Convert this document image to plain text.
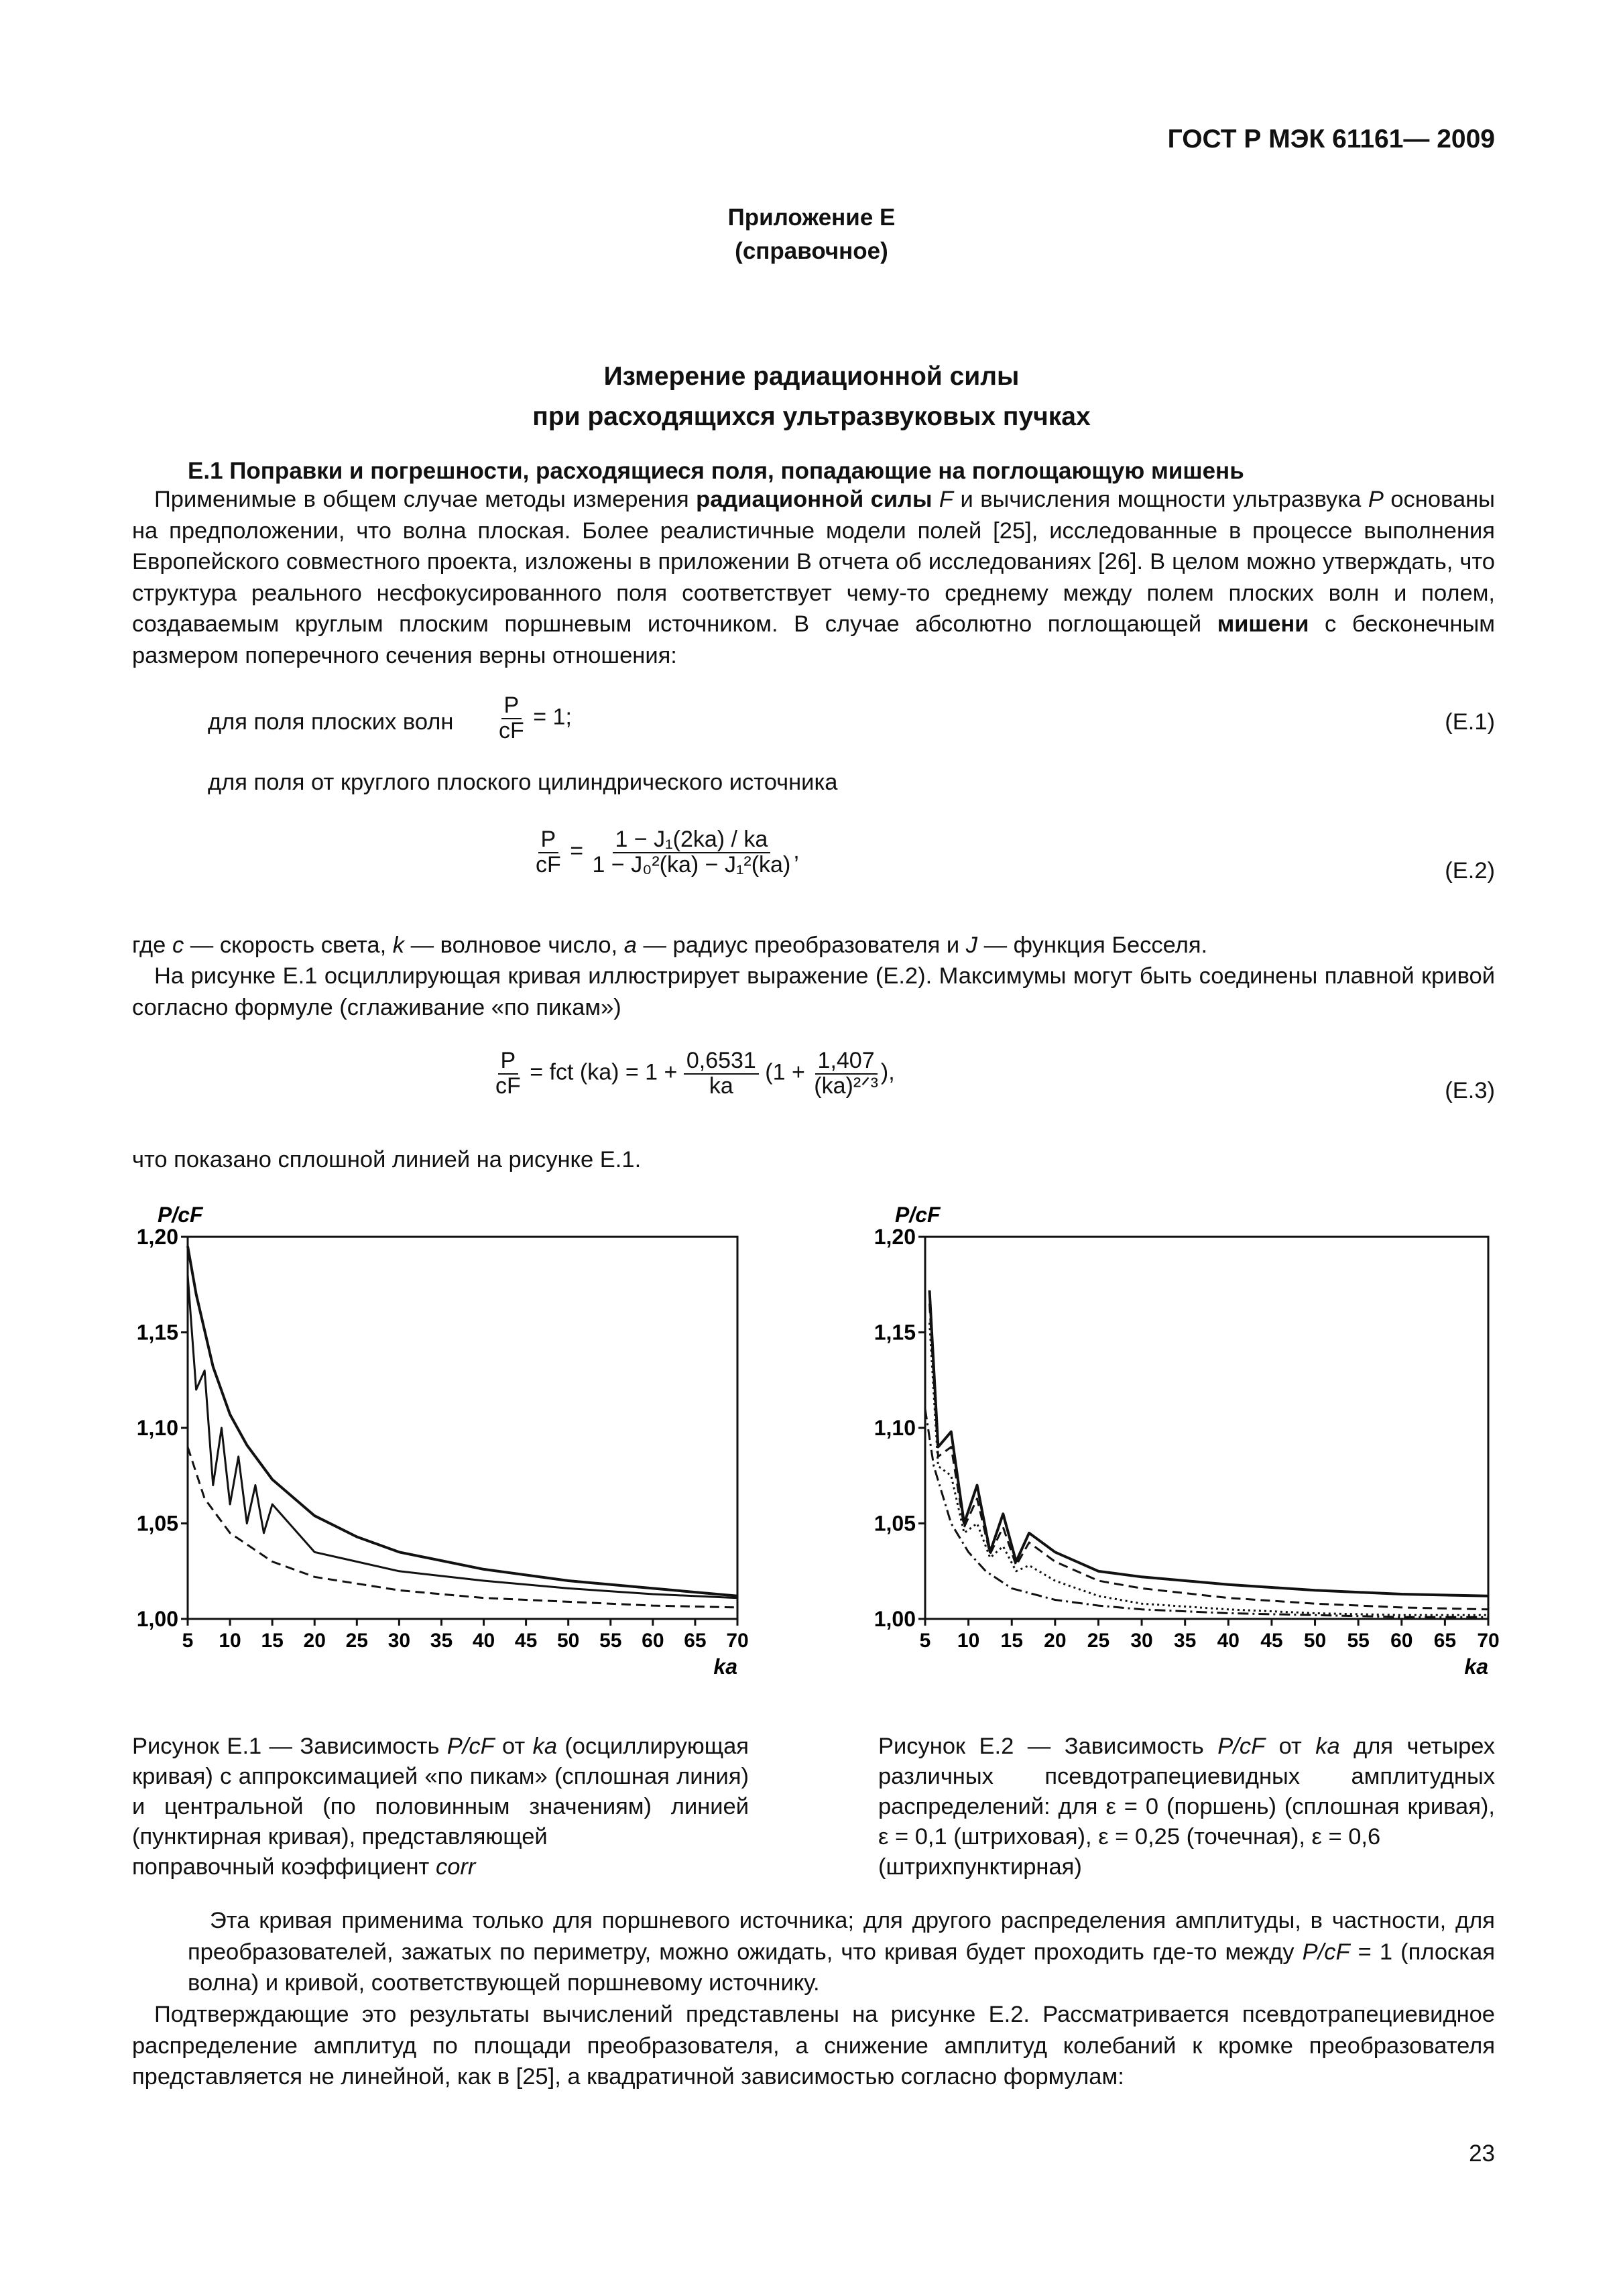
ГОСТ Р МЭК 61161— 2009
Приложение Е
(справочное)
Измерение радиационной силы
при расходящихся ультразвуковых пучках
Е.1 Поправки и погрешности, расходящиеся поля, попадающие на поглощающую мишень
Применимые в общем случае методы измерения радиационной силы F и вычисления мощности ультразвука P основаны на предположении, что волна плоская. Более реалистичные модели полей [25], исследованные в процессе выполнения Европейского совместного проекта, изложены в приложении В отчета об исследованиях [26]. В целом можно утверждать, что структура реального несфокусированного поля соответствует чему-то среднему между полем плоских волн и полем, создаваемым круглым плоским поршневым источником. В случае абсолютно поглощающей мишени с бесконечным размером поперечного сечения верны отношения:
для поля плоских волн $\frac{P}{cF} = 1$;	(Е.1)
для поля от круглого плоского цилиндрического источника
$\frac{P}{cF} = \frac{\text{1 − J₁(2ka) / ka}}{\text{1 − J₀²(ka) − J₁²(ka)}}$ ,
(Е.2)
где c — скорость света, k — волновое число, a — радиус преобразователя и J — функция Бесселя.
На рисунке Е.1 осциллирующая кривая иллюстрирует выражение (Е.2). Максимумы могут быть соединены плавной кривой согласно формуле (сглаживание «по пикам»)
$\frac{P}{cF}$ = fct $(ka) = 1 + \frac{0,6531}{ka} (1 + \frac{1,407}{\text{(ka)²ᐟ³}}$ ),
(Е.3)
что показано сплошной линией на рисунке Е.1.
P/cF
1,00
1,05
1,10
1,15
1,20
5 10 15 20 25 30 35 40 45 50 55 60 65 70
ka
P/cF
1,00
1,05
1,10
1,15
1,20
5 10 15 20 25 30 35 40 45 50 55 60 65 70
ka
Рисунок Е.1 — Зависимость P/cF от ka (осциллирующая кривая) с аппроксимацией «по пикам» (сплошная линия) и центральной (по половинным значениям) линией (пунктирная кривая), представляющей
поправочный коэффициент corr
Рисунок Е.2 — Зависимость P/cF от ka для четырех различных псевдотрапециевидных амплитудных распределений: для ε = 0 (поршень) (сплошная кривая), ε = 0,1 (штриховая), ε = 0,25 (точечная), ε = 0,6
(штрихпунктирная)
Эта кривая применима только для поршневого источника; для другого распределения амплитуды, в частности, для преобразователей, зажатых по периметру, можно ожидать, что кривая будет проходить где-то между P/cF = 1 (плоская волна) и кривой, соответствующей поршневому источнику.
Подтверждающие это результаты вычислений представлены на рисунке Е.2. Рассматривается псевдотрапециевидное распределение амплитуд по площади преобразователя, а снижение амплитуд колебаний к кромке преобразователя представляется не линейной, как в [25], а квадратичной зависимостью согласно формулам:
23
